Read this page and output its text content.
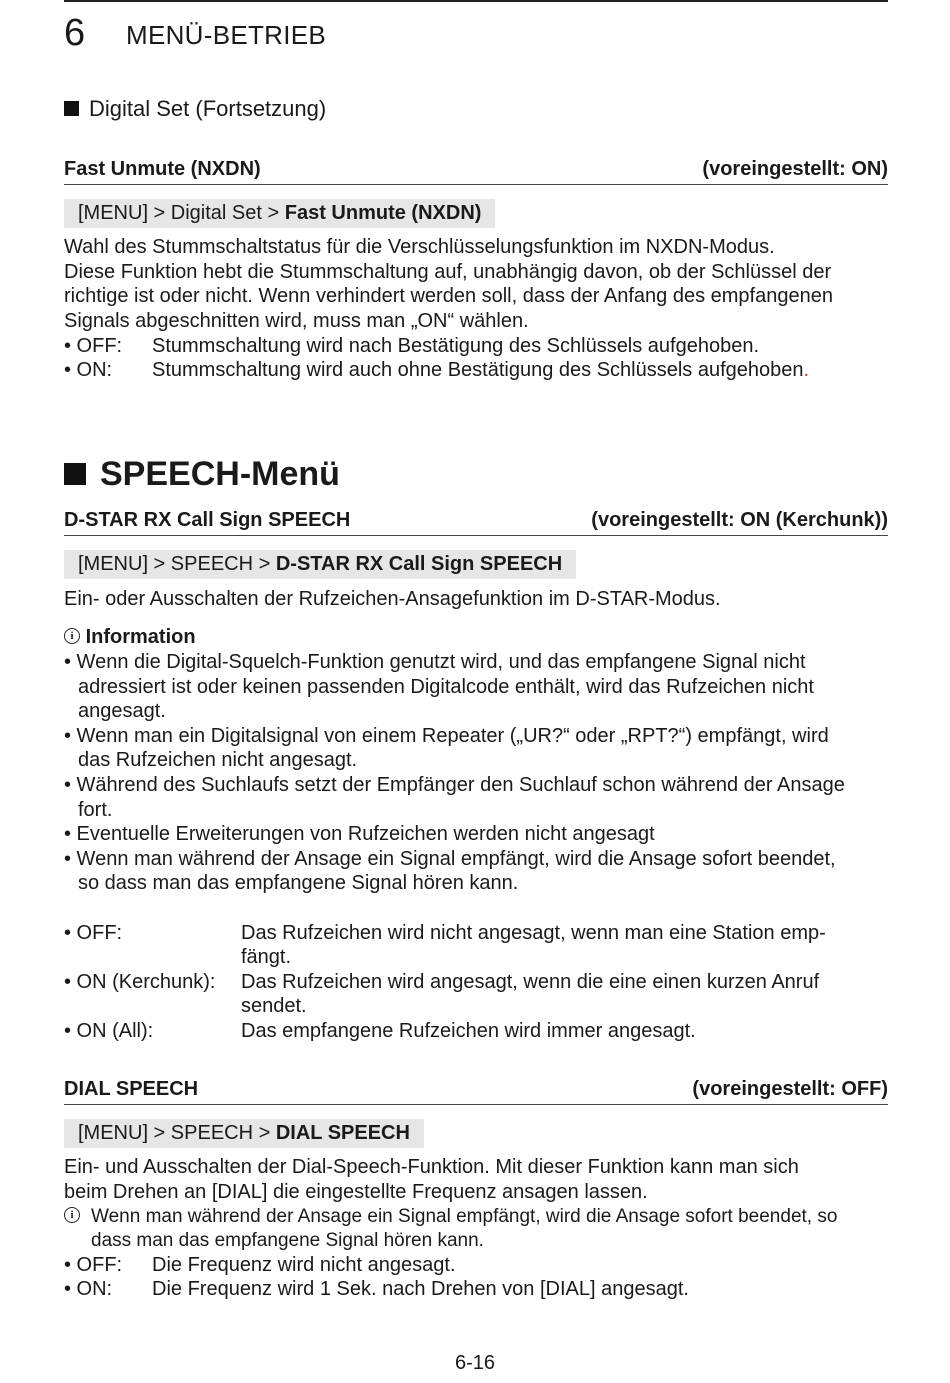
6 MENÜ-BETRIEB
Digital Set (Fortsetzung)
Fast Unmute (NXDN)	(voreingestellt: ON)
[MENU] > Digital Set > Fast Unmute (NXDN)
Wahl des Stummschaltstatus für die Verschlüsselungsfunktion im NXDN-Modus.
Diese Funktion hebt die Stummschaltung auf, unabhängig davon, ob der Schlüssel der
richtige ist oder nicht. Wenn verhindert werden soll, dass der Anfang des empfangenen
Signals abgeschnitten wird, muss man „ON“ wählen.
• OFF: Stummschaltung wird nach Bestätigung des Schlüssels aufgehoben.
• ON: Stummschaltung wird auch ohne Bestätigung des Schlüssels aufgehoben.
SPEECH-Menü
D-STAR RX Call Sign SPEECH	(voreingestellt: ON (Kerchunk))
[MENU] > SPEECH > D-STAR RX Call Sign SPEECH
Ein- oder Ausschalten der Rufzeichen-Ansagefunktion im D-STAR-Modus.
i Information
• Wenn die Digital-Squelch-Funktion genutzt wird, und das empfangene Signal nicht
adressiert ist oder keinen passenden Digitalcode enthält, wird das Rufzeichen nicht
angesagt.
• Wenn man ein Digitalsignal von einem Repeater („UR?“ oder „RPT?“) empfängt, wird
das Rufzeichen nicht angesagt.
• Während des Suchlaufs setzt der Empfänger den Suchlauf schon während der Ansage
fort.
• Eventuelle Erweiterungen von Rufzeichen werden nicht angesagt
• Wenn man während der Ansage ein Signal empfängt, wird die Ansage sofort beendet,
so dass man das empfangene Signal hören kann.
• OFF:	Das Rufzeichen wird nicht angesagt, wenn man eine Station emp-
fängt.
• ON (Kerchunk): Das Rufzeichen wird angesagt, wenn die eine einen kurzen Anruf
sendet.
• ON (All):	Das empfangene Rufzeichen wird immer angesagt.
DIAL SPEECH	(voreingestellt: OFF)
[MENU] > SPEECH > DIAL SPEECH
Ein- und Ausschalten der Dial-Speech-Funktion. Mit dieser Funktion kann man sich
beim Drehen an [DIAL] die eingestellte Frequenz ansagen lassen.
i Wenn man während der Ansage ein Signal empfängt, wird die Ansage sofort beendet, so
dass man das empfangene Signal hören kann.
• OFF: Die Frequenz wird nicht angesagt.
• ON: Die Frequenz wird 1 Sek. nach Drehen von [DIAL] angesagt.
6-16
